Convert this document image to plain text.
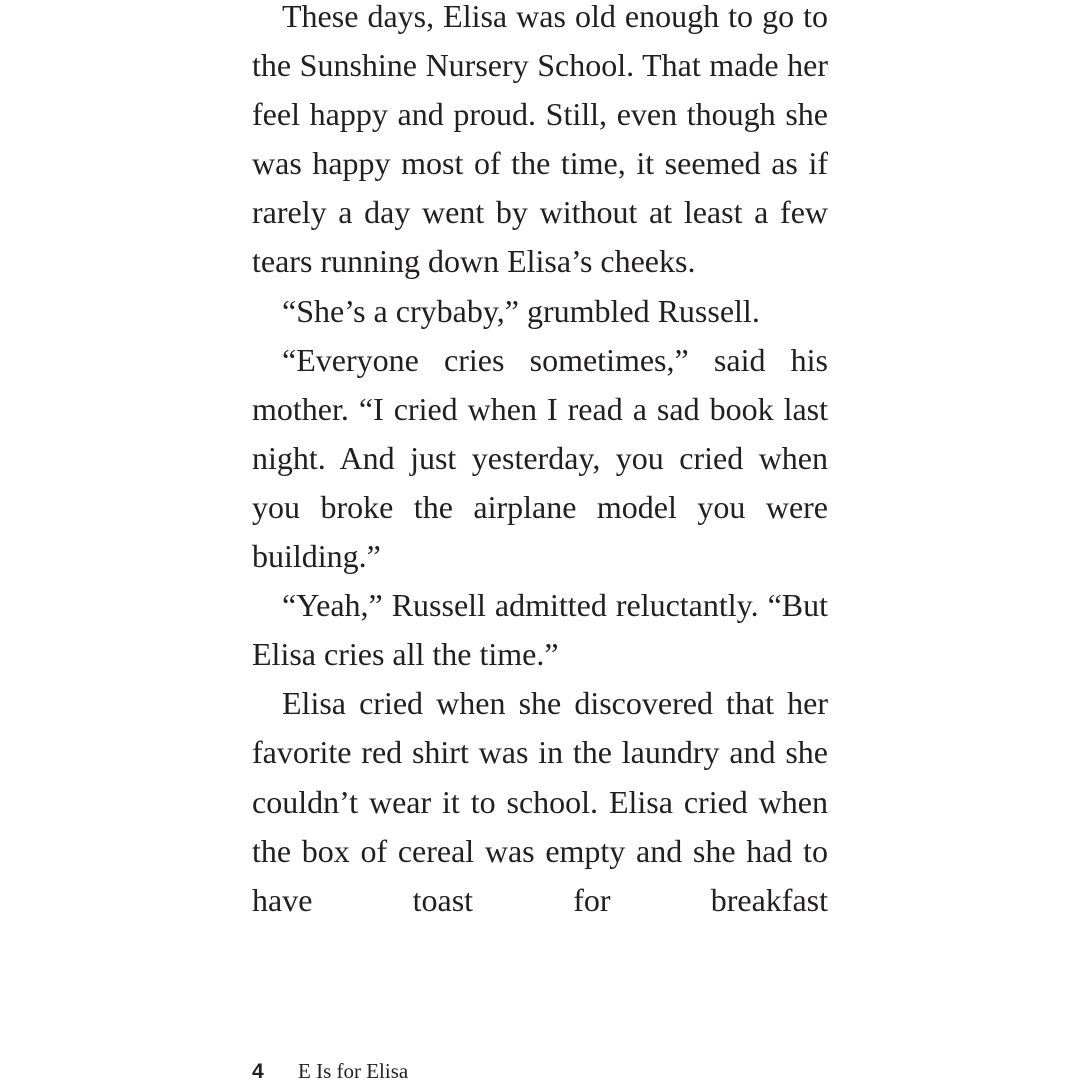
These days, Elisa was old enough to go to the Sunshine Nursery School. That made her feel happy and proud. Still, even though she was happy most of the time, it seemed as if rarely a day went by without at least a few tears running down Elisa’s cheeks.

“She’s a crybaby,” grumbled Russell.

“Everyone cries sometimes,” said his mother. “I cried when I read a sad book last night. And just yesterday, you cried when you broke the airplane model you were building.”

“Yeah,” Russell admitted reluctantly. “But Elisa cries all the time.”

Elisa cried when she discovered that her favorite red shirt was in the laundry and she couldn’t wear it to school. Elisa cried when the box of cereal was empty and she had to have toast for breakfast

4 E Is for Elisa
